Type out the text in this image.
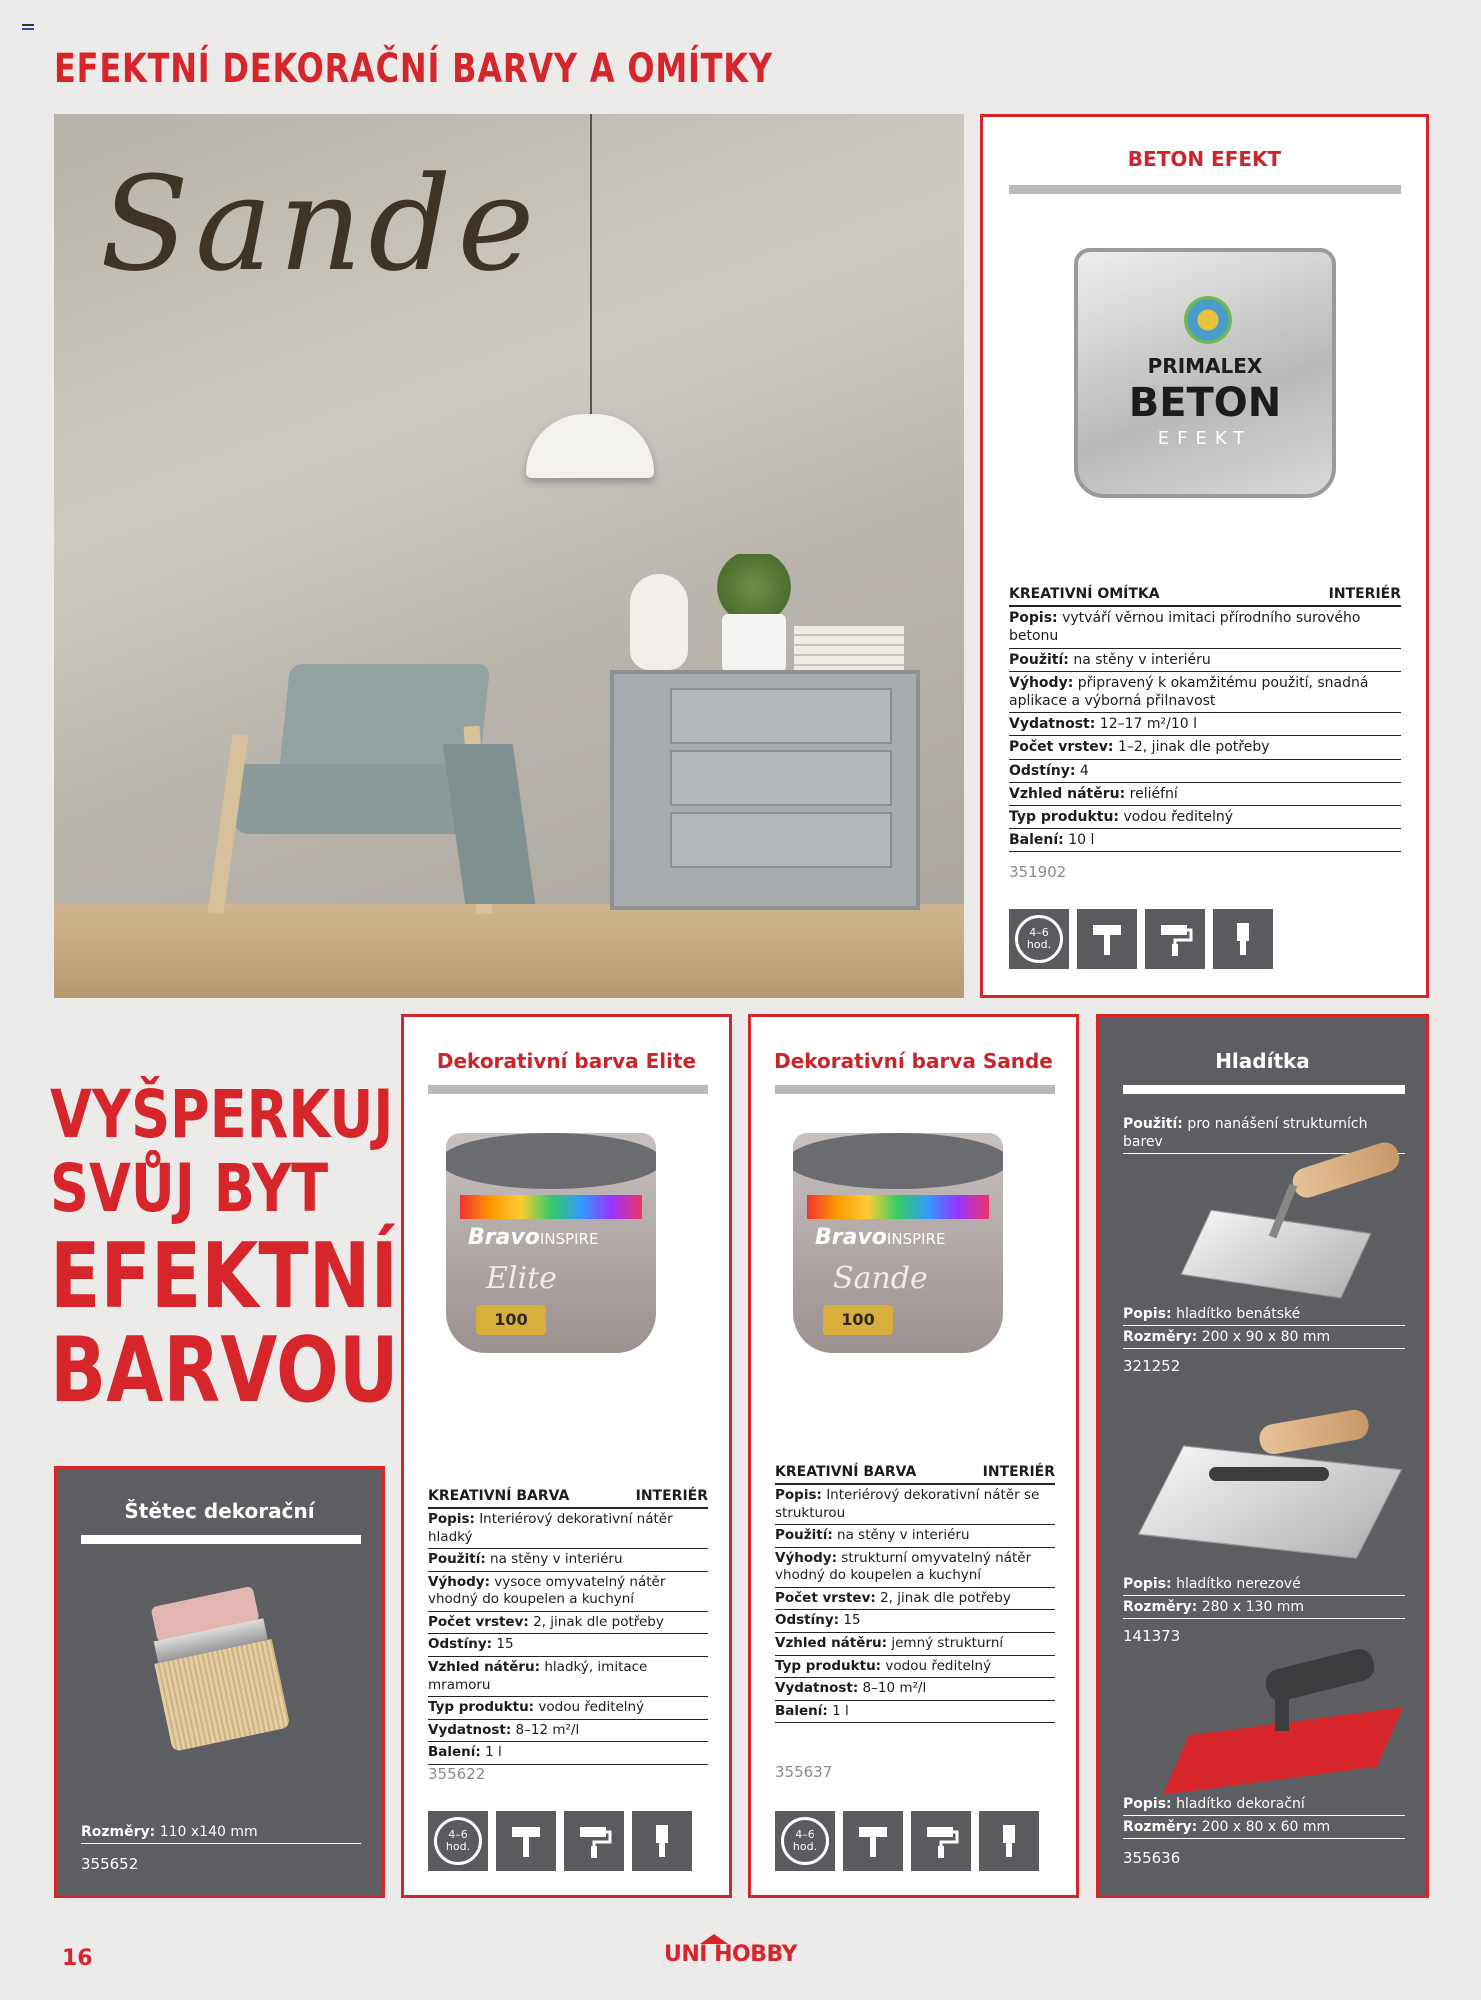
EFEKTNÍ DEKORAČNÍ BARVY A OMÍTKY
Sande	BETON EFEKT
KREATIVNÍ OMÍTKA	INTERIÉR
Popis: vytváří věrnou imitaci přírodního surového betonu
Použití: na stěny v interiéru
Výhody: připravený k okamžitému použití, snadná aplikace a výborná přilnavost
Vydatnost: 12–17 m²/10 l
Počet vrstev: 1–2, jinak dle potřeby
Odstíny: 4
Vzhled nátěru: reliéfní
Typ produktu: vodou ředitelný
Balení: 10 l
351902
4–6 hod.
PRIMALEX
BETON
EFEKT
VYŠPERKUJ
SVŮJ BYT
EFEKTNÍ
BARVOU
Štětec dekorační
Rozměry: 110 x140 mm
355652
Dekorativní barva Elite
BravoINSPIRE
Elite
100
KREATIVNÍ BARVA	INTERIÉR
Popis: Interiérový dekorativní nátěr hladký
Použití: na stěny v interiéru
Výhody: vysoce omyvatelný nátěr vhodný do koupelen a kuchyní
Počet vrstev: 2, jinak dle potřeby
Odstíny: 15
Vzhled nátěru: hladký, imitace mramoru
Typ produktu: vodou ředitelný
Vydatnost: 8–12 m²/l
Balení: 1 l
355622
4–6 hod.
Dekorativní barva Sande
BravoINSPIRE
Sande
100
KREATIVNÍ BARVA	INTERIÉR
Popis: Interiérový dekorativní nátěr se strukturou
Použití: na stěny v interiéru
Výhody: strukturní omyvatelný nátěr vhodný do koupelen a kuchyní
Počet vrstev: 2, jinak dle potřeby
Odstíny: 15
Vzhled nátěru: jemný strukturní
Typ produktu: vodou ředitelný
Vydatnost: 8–10 m²/l
Balení: 1 l
355637
4–6 hod.
Hladítka
Použití: pro nanášení strukturních barev
Popis: hladítko benátské
Rozměry: 200 x 90 x 80 mm
321252
Popis: hladítko nerezové
Rozměry: 280 x 130 mm
141373
Popis: hladítko dekorační
Rozměry: 200 x 80 x 60 mm
355636
16	UNI HOBBY
